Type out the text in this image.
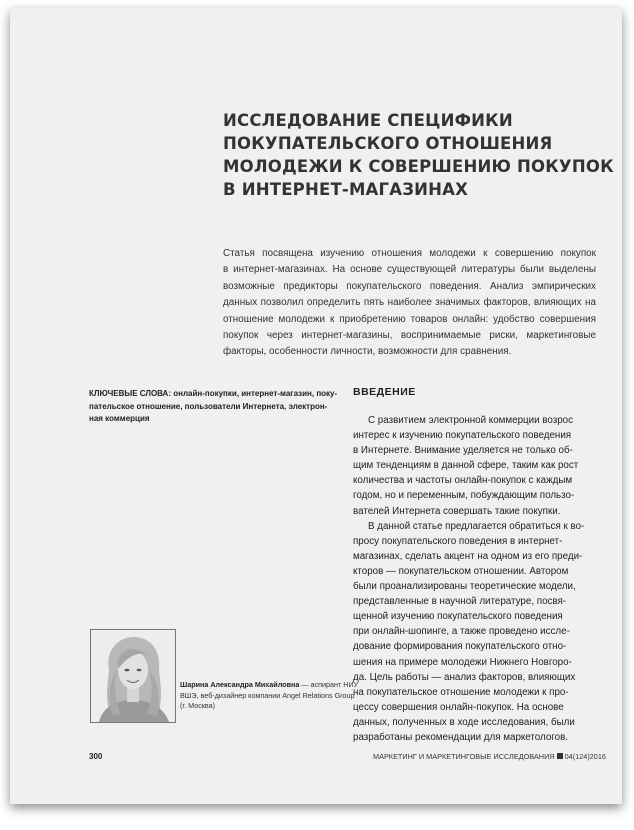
ИССЛЕДОВАНИЕ СПЕЦИФИКИ
ПОКУПАТЕЛЬСКОГО ОТНОШЕНИЯ
МОЛОДЕЖИ К СОВЕРШЕНИЮ ПОКУПОК
В ИНТЕРНЕТ-МАГАЗИНАХ
Статья посвящена изучению отношения молодежи к совершению покупок
в интернет-магазинах. На основе существующей литературы были выделены
возможные предикторы покупательского поведения. Анализ эмпирических
данных позволил определить пять наиболее значимых факторов, влияющих на
отношение молодежи к приобретению товаров онлайн: удобство совершения
покупок через интернет-магазины, воспринимаемые риски, маркетинговые
факторы, особенности личности, возможности для сравнения.
КЛЮЧЕВЫЕ СЛОВА: онлайн-покупки, интернет-магазин, поку-
пательское отношение, пользователи Интернета, электрон-
ная коммерция
ВВЕДЕНИЕ
С развитием электронной коммерции возрос
интерес к изучению покупательского поведения
в Интернете. Внимание уделяется не только об-
щим тенденциям в данной сфере, таким как рост
количества и частоты онлайн-покупок с каждым
годом, но и переменным, побуждающим пользо-
вателей Интернета совершать такие покупки.
В данной статье предлагается обратиться к во-
просу покупательского поведения в интернет-
магазинах, сделать акцент на одном из его преди-
кторов — покупательском отношении. Автором
были проанализированы теоретические модели,
представленные в научной литературе, посвя-
щенной изучению покупательского поведения
при онлайн-шопинге, а также проведено иссле-
дование формирования покупательского отно-
шения на примере молодежи Нижнего Новгоро-
да. Цель работы — анализ факторов, влияющих
на покупательское отношение молодежи к про-
цессу совершения онлайн-покупок. На основе
данных, полученных в ходе исследования, были
разработаны рекомендации для маркетологов.
Шарина Александра Михайловна — аспирант НИУ
ВШЭ, веб-дизайнер компании Angel Relations Group
(г. Москва)
300	МАРКЕТИНГ И МАРКЕТИНГОВЫЕ ИССЛЕДОВАНИЯ 04(124)2016
